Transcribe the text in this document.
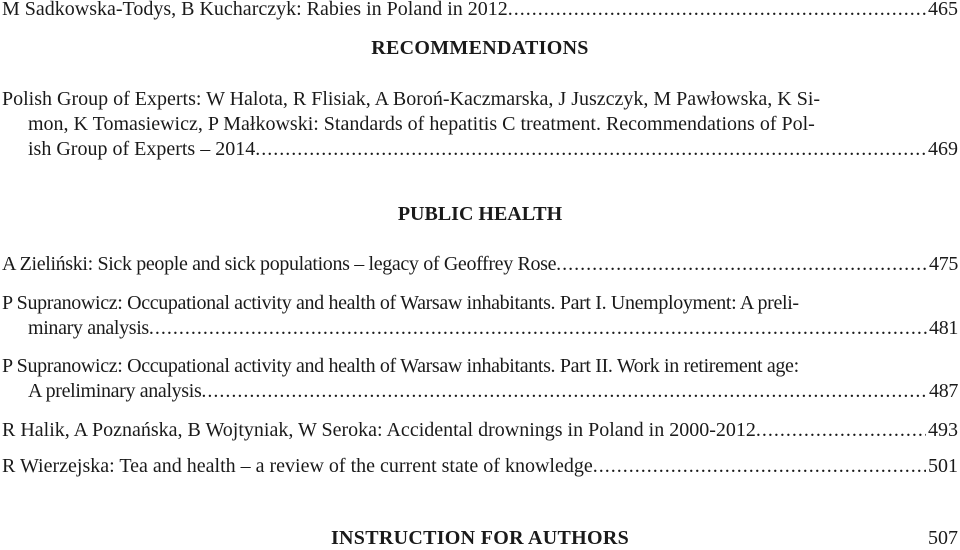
M Sadkowska-Todys, B Kucharczyk: Rabies in Poland in 2012 .....	465
RECOMMENDATIONS
Polish Group of Experts: W Halota, R Flisiak, A Boroń-Kaczmarska, J Juszczyk, M Pawłowska, K Si-
mon, K Tomasiewicz, P Małkowski: Standards of hepatitis C treatment. Recommendations of Pol-
ish Group of Experts – 2014 .....	469
PUBLIC HEALTH
A Zieliński: Sick people and sick populations – legacy of Geoffrey Rose .....	475
P Supranowicz: Occupational activity and health of Warsaw inhabitants. Part I. Unemployment: A preli-
minary analysis .....	481
P Supranowicz: Occupational activity and health of Warsaw inhabitants. Part II. Work in retirement age:
A preliminary analysis .....	487
R Halik, A Poznańska, B Wojtyniak, W Seroka: Accidental drownings in Poland in 2000-2012 .....	493
R Wierzejska: Tea and health – a review of the current state of knowledge .....	501
INSTRUCTION FOR AUTHORS	507
